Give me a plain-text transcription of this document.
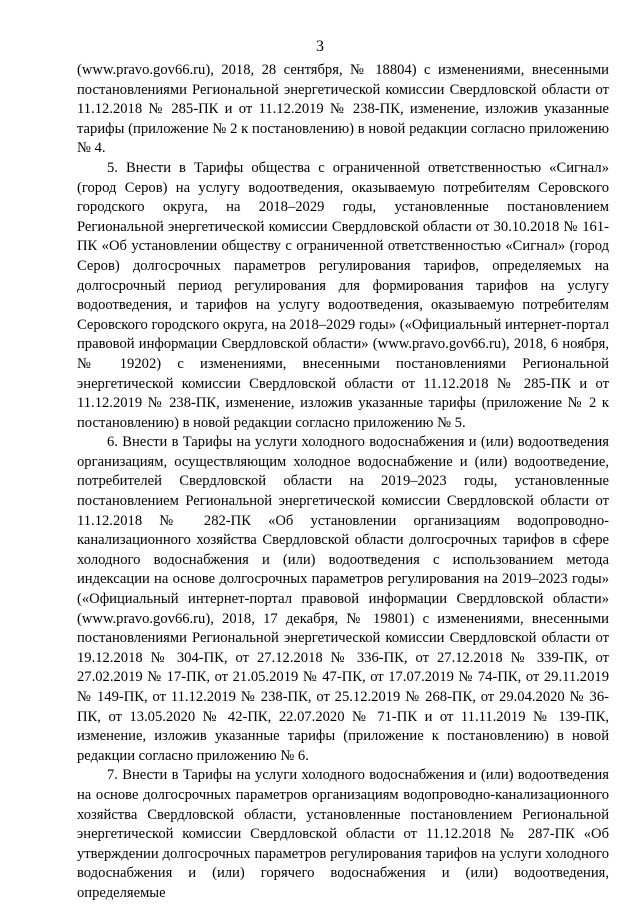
3

(www.pravo.gov66.ru), 2018, 28 сентября, № 18804) с изменениями, внесенными постановлениями Региональной энергетической комиссии Свердловской области от 11.12.2018 № 285-ПК и от 11.12.2019 № 238-ПК, изменение, изложив указанные тарифы (приложение № 2 к постановлению) в новой редакции согласно приложению № 4.

5. Внести в Тарифы общества с ограниченной ответственностью «Сигнал» (город Серов) на услугу водоотведения, оказываемую потребителям Серовского городского округа, на 2018–2029 годы, установленные постановлением Региональной энергетической комиссии Свердловской области от 30.10.2018 № 161-ПК «Об установлении обществу с ограниченной ответственностью «Сигнал» (город Серов) долгосрочных параметров регулирования тарифов, определяемых на долгосрочный период регулирования для формирования тарифов на услугу водоотведения, и тарифов на услугу водоотведения, оказываемую потребителям Серовского городского округа, на 2018–2029 годы» («Официальный интернет-портал правовой информации Свердловской области» (www.pravo.gov66.ru), 2018, 6 ноября, № 19202) с изменениями, внесенными постановлениями Региональной энергетической комиссии Свердловской области от 11.12.2018 № 285-ПК и от 11.12.2019 № 238-ПК, изменение, изложив указанные тарифы (приложение № 2 к постановлению) в новой редакции согласно приложению № 5.

6. Внести в Тарифы на услуги холодного водоснабжения и (или) водоотведения организациям, осуществляющим холодное водоснабжение и (или) водоотведение, потребителей Свердловской области на 2019–2023 годы, установленные постановлением Региональной энергетической комиссии Свердловской области от 11.12.2018 № 282-ПК «Об установлении организациям водопроводно-канализационного хозяйства Свердловской области долгосрочных тарифов в сфере холодного водоснабжения и (или) водоотведения с использованием метода индексации на основе долгосрочных параметров регулирования на 2019–2023 годы» («Официальный интернет-портал правовой информации Свердловской области» (www.pravo.gov66.ru), 2018, 17 декабря, № 19801) с изменениями, внесенными постановлениями Региональной энергетической комиссии Свердловской области от 19.12.2018 № 304-ПК, от 27.12.2018 № 336-ПК, от 27.12.2018 № 339-ПК, от 27.02.2019 № 17-ПК, от 21.05.2019 № 47-ПК, от 17.07.2019 № 74-ПК, от 29.11.2019 № 149-ПК, от 11.12.2019 № 238-ПК, от 25.12.2019 № 268-ПК, от 29.04.2020 № 36-ПК, от 13.05.2020 № 42-ПК, 22.07.2020 № 71-ПК и от 11.11.2019 № 139-ПК, изменение, изложив указанные тарифы (приложение к постановлению) в новой редакции согласно приложению № 6.

7. Внести в Тарифы на услуги холодного водоснабжения и (или) водоотведения на основе долгосрочных параметров организациям водопроводно-канализационного хозяйства Свердловской области, установленные постановлением Региональной энергетической комиссии Свердловской области от 11.12.2018 № 287-ПК «Об утверждении долгосрочных параметров регулирования тарифов на услуги холодного водоснабжения и (или) горячего водоснабжения и (или) водоотведения, определяемые
